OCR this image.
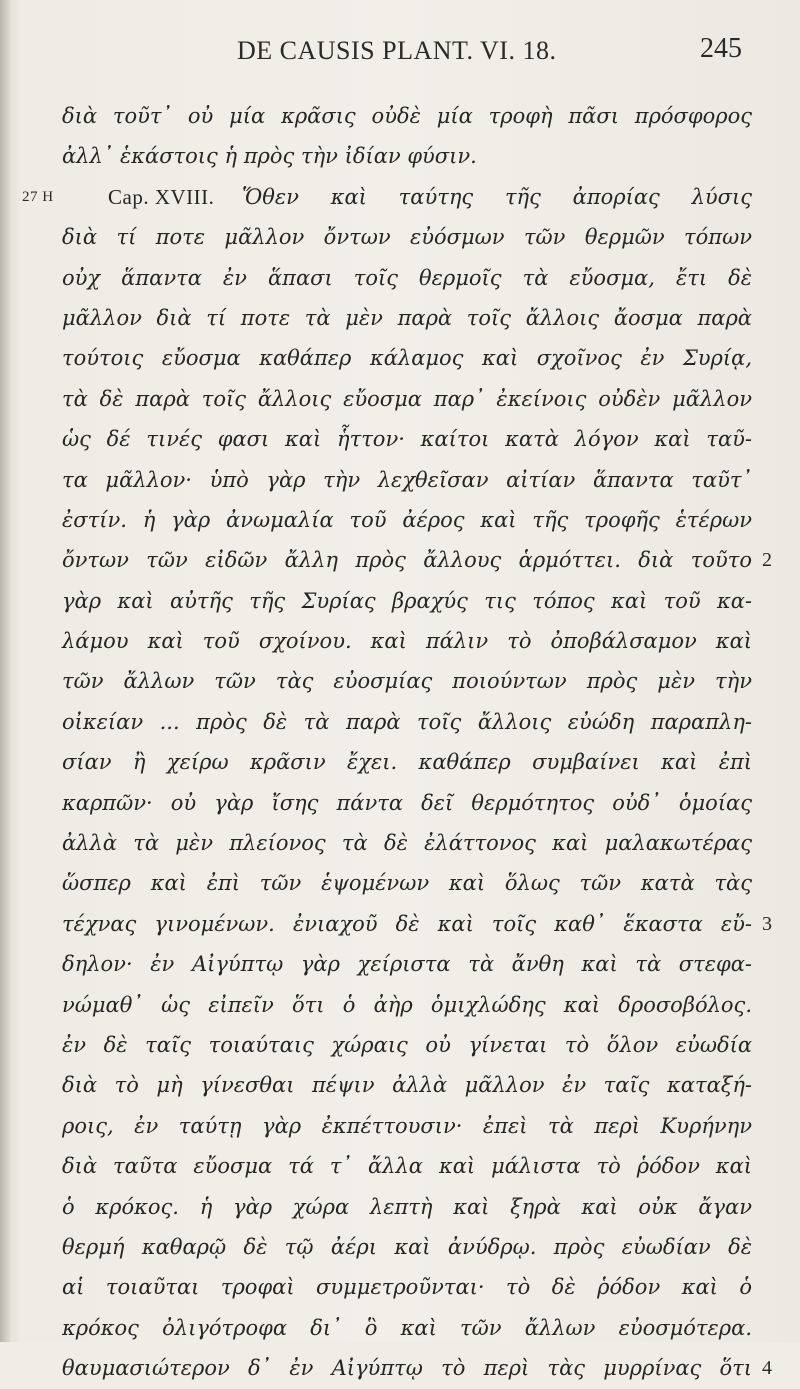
DE CAUSIS PLANT. VI. 18.	245
διὰ τοῦτ᾽ οὐ μία κρᾶσις οὐδὲ μία τροφὴ πᾶσι πρόσφορος
ἀλλ᾽ ἑκάστοις ἡ πρὸς τὴν ἰδίαν φύσιν.
27 H	Cap. XVIII. Ὅθεν καὶ ταύτης τῆς ἀπορίας λύσις
διὰ τί ποτε μᾶλλον ὄντων εὐόσμων τῶν θερμῶν τόπων
οὐχ ἅπαντα ἐν ἅπασι τοῖς θερμοῖς τὰ εὔοσμα, ἔτι δὲ
μᾶλλον διὰ τί ποτε τὰ μὲν παρὰ τοῖς ἄλλοις ἄοσμα παρὰ
τούτοις εὔοσμα καθάπερ κάλαμος καὶ σχοῖνος ἐν Συρίᾳ,
τὰ δὲ παρὰ τοῖς ἄλλοις εὔοσμα παρ᾽ ἐκείνοις οὐδὲν μᾶλλον
ὡς δέ τινές φασι καὶ ἧττον· καίτοι κατὰ λόγον καὶ ταῦ-
τα μᾶλλον· ὑπὸ γὰρ τὴν λεχθεῖσαν αἰτίαν ἅπαντα ταῦτ᾽
ἐστίν. ἡ γὰρ ἀνωμαλία τοῦ ἀέρος καὶ τῆς τροφῆς ἑτέρων
ὄντων τῶν εἰδῶν ἄλλη πρὸς ἄλλους ἁρμόττει. διὰ τοῦτο 2
γὰρ καὶ αὐτῆς τῆς Συρίας βραχύς τις τόπος καὶ τοῦ κα-
λάμου καὶ τοῦ σχοίνου. καὶ πάλιν τὸ ὀποβάλσαμον καὶ
τῶν ἄλλων τῶν τὰς εὐοσμίας ποιούντων πρὸς μὲν τὴν
οἰκείαν ... πρὸς δὲ τὰ παρὰ τοῖς ἄλλοις εὐώδη παραπλη-
σίαν ἢ χείρω κρᾶσιν ἔχει. καθάπερ συμβαίνει καὶ ἐπὶ
καρπῶν· οὐ γὰρ ἴσης πάντα δεῖ θερμότητος οὐδ᾽ ὁμοίας
ἀλλὰ τὰ μὲν πλείονος τὰ δὲ ἐλάττονος καὶ μαλακωτέρας
ὥσπερ καὶ ἐπὶ τῶν ἑψομένων καὶ ὅλως τῶν κατὰ τὰς
τέχνας γινομένων. ἐνιαχοῦ δὲ καὶ τοῖς καθ᾽ ἕκαστα εὔ- 3
δηλον· ἐν Αἰγύπτῳ γὰρ χείριστα τὰ ἄνθη καὶ τὰ στεφα-
νώμαθ᾽ ὡς εἰπεῖν ὅτι ὁ ἀὴρ ὁμιχλώδης καὶ δροσοβόλος.
ἐν δὲ ταῖς τοιαύταις χώραις οὐ γίνεται τὸ ὅλον εὐωδία
διὰ τὸ μὴ γίνεσθαι πέψιν ἀλλὰ μᾶλλον ἐν ταῖς καταξή-
ροις, ἐν ταύτῃ γὰρ ἐκπέττουσιν· ἐπεὶ τὰ περὶ Κυρήνην
διὰ ταῦτα εὔοσμα τά τ᾽ ἄλλα καὶ μάλιστα τὸ ῥόδον καὶ
ὁ κρόκος. ἡ γὰρ χώρα λεπτὴ καὶ ξηρὰ καὶ οὐκ ἄγαν
θερμή καθαρῷ δὲ τῷ ἀέρι καὶ ἀνύδρῳ. πρὸς εὐωδίαν δὲ
αἱ τοιαῦται τροφαὶ συμμετροῦνται· τὸ δὲ ῥόδον καὶ ὁ
κρόκος ὀλιγότροφα δι᾽ ὃ καὶ τῶν ἄλλων εὐοσμότερα.
θαυμασιώτερον δ᾽ ἐν Αἰγύπτῳ τὸ περὶ τὰς μυρρίνας ὅτι 4
